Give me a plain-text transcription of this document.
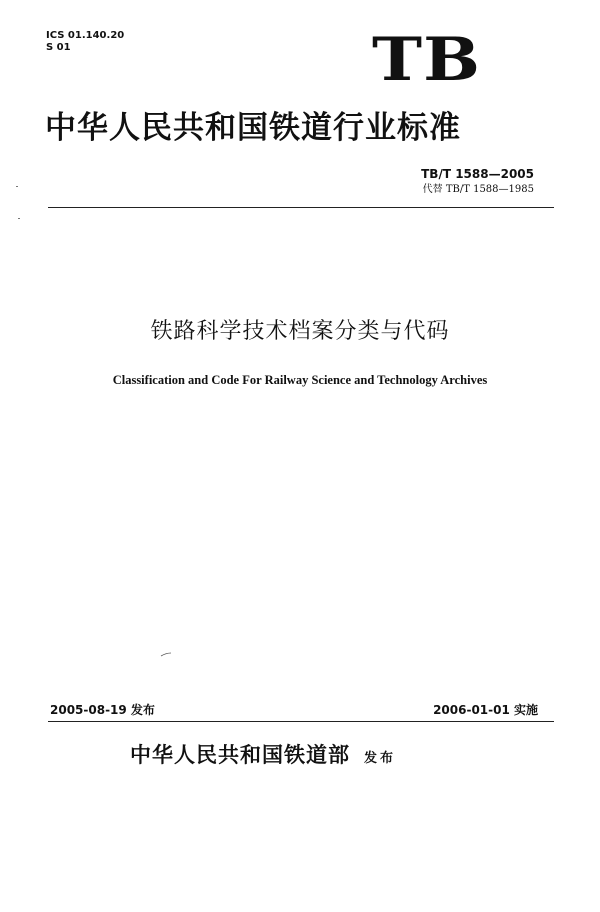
ICS 01.140.20
S 01	TB
中华人民共和国铁道行业标准
TB/T 1588—2005
代替 TB/T 1588—1985
铁路科学技术档案分类与代码
Classification and Code For Railway Science and Technology Archives
2005-08-19 发布	2006-01-01 实施
中华人民共和国铁道部 发布
